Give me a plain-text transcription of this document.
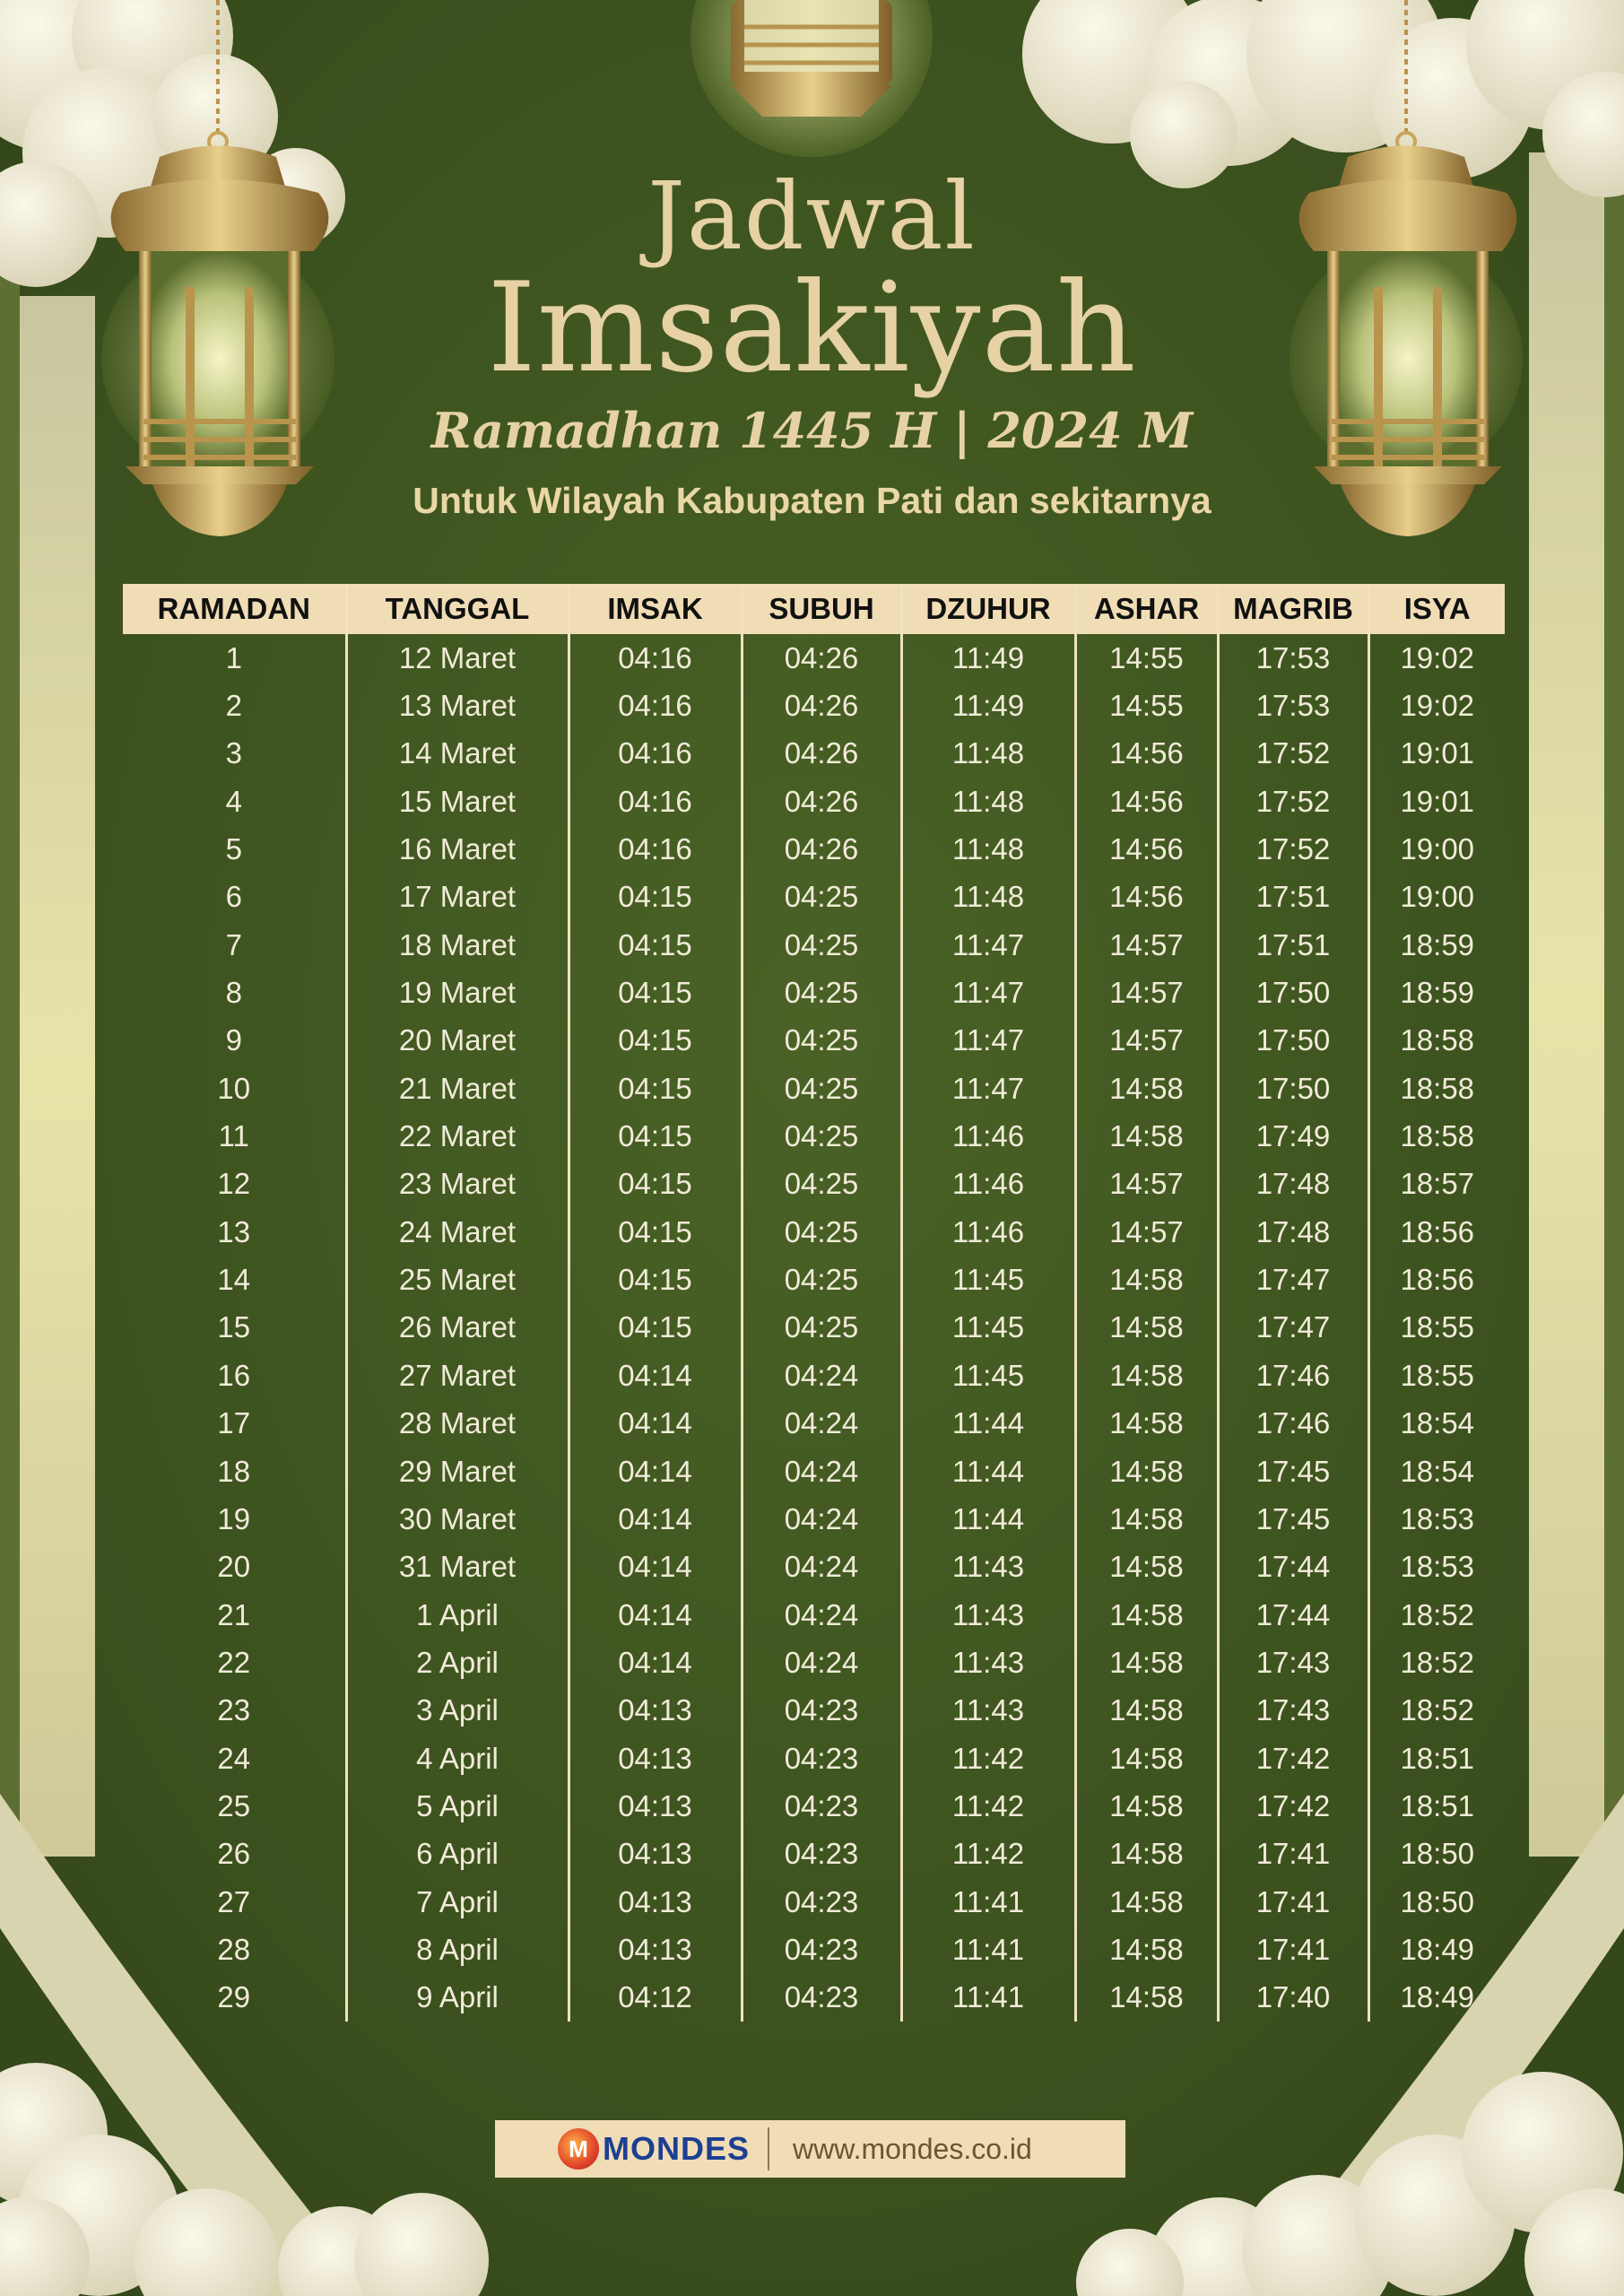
Jadwal
Imsakiyah
Ramadhan 1445 H | 2024 M
Untuk Wilayah Kabupaten Pati dan sekitarnya
RAMADAN	TANGGAL	IMSAK	SUBUH	DZUHUR	ASHAR	MAGRIB	ISYA
1	12 Maret	04:16	04:26	11:49	14:55	17:53	19:02
2	13 Maret	04:16	04:26	11:49	14:55	17:53	19:02
3	14 Maret	04:16	04:26	11:48	14:56	17:52	19:01
4	15 Maret	04:16	04:26	11:48	14:56	17:52	19:01
5	16 Maret	04:16	04:26	11:48	14:56	17:52	19:00
6	17 Maret	04:15	04:25	11:48	14:56	17:51	19:00
7	18 Maret	04:15	04:25	11:47	14:57	17:51	18:59
8	19 Maret	04:15	04:25	11:47	14:57	17:50	18:59
9	20 Maret	04:15	04:25	11:47	14:57	17:50	18:58
10	21 Maret	04:15	04:25	11:47	14:58	17:50	18:58
11	22 Maret	04:15	04:25	11:46	14:58	17:49	18:58
12	23 Maret	04:15	04:25	11:46	14:57	17:48	18:57
13	24 Maret	04:15	04:25	11:46	14:57	17:48	18:56
14	25 Maret	04:15	04:25	11:45	14:58	17:47	18:56
15	26 Maret	04:15	04:25	11:45	14:58	17:47	18:55
16	27 Maret	04:14	04:24	11:45	14:58	17:46	18:55
17	28 Maret	04:14	04:24	11:44	14:58	17:46	18:54
18	29 Maret	04:14	04:24	11:44	14:58	17:45	18:54
19	30 Maret	04:14	04:24	11:44	14:58	17:45	18:53
20	31 Maret	04:14	04:24	11:43	14:58	17:44	18:53
21	1 April	04:14	04:24	11:43	14:58	17:44	18:52
22	2 April	04:14	04:24	11:43	14:58	17:43	18:52
23	3 April	04:13	04:23	11:43	14:58	17:43	18:52
24	4 April	04:13	04:23	11:42	14:58	17:42	18:51
25	5 April	04:13	04:23	11:42	14:58	17:42	18:51
26	6 April	04:13	04:23	11:42	14:58	17:41	18:50
27	7 April	04:13	04:23	11:41	14:58	17:41	18:50
28	8 April	04:13	04:23	11:41	14:58	17:41	18:49
29	9 April	04:12	04:23	11:41	14:58	17:40	18:49
M MONDES www.mondes.co.id
